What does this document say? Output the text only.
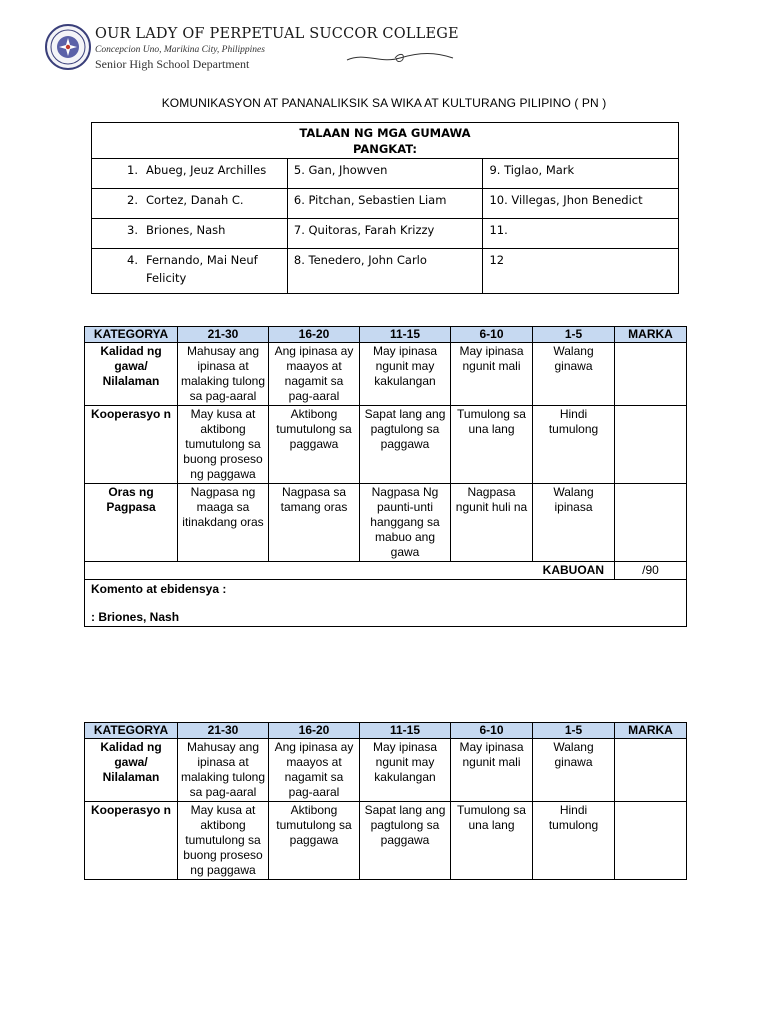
OUR LADY OF PERPETUAL SUCCOR COLLEGE
Concepcion Uno, Marikina City, Philippines
Senior High School Department
KOMUNIKASYON AT PANANALIKSIK SA WIKA AT KULTURANG PILIPINO ( PN )
TALAAN NG MGA GUMAWA
PANGKAT:		

1. Abueg, Jeuz Archilles	5. Gan, Jhowven	9. Tiglao, Mark
2. Cortez, Danah C.	6. Pitchan, Sebastien Liam	10. Villegas, Jhon Benedict
3. Briones, Nash	7. Quitoras, Farah Krizzy	11.
4. Fernando, Mai Neuf Felicity	8. Tenedero, John Carlo	12
KATEGORYA	21-30	16-20	11-15	6-10	1-5	MARKA
Kalidad ng gawa/ Nilalaman	Mahusay ang ipinasa at malaking tulong sa pag-aaral	Ang ipinasa ay maayos at nagamit sa pag-aaral	May ipinasa ngunit may kakulangan	May ipinasa ngunit mali	Walang ginawa	
Kooperasyo n	May kusa at aktibong tumutulong sa buong proseso ng paggawa	Aktibong tumutulong sa paggawa	Sapat lang ang pagtulong sa paggawa	Tumulong sa una lang	Hindi tumulong	
Oras ng Pagpasa	Nagpasa ng maaga sa itinakdang oras	Nagpasa sa tamang oras	Nagpasa Ng paunti-unti hanggang sa mabuo ang gawa	Nagpasa ngunit huli na	Walang ipinasa	
KABUOAN						/90
Komento at ebidensya :
: Briones, Nash						
KATEGORYA	21-30	16-20	11-15	6-10	1-5	MARKA
Kalidad ng gawa/ Nilalaman	Mahusay ang ipinasa at malaking tulong sa pag-aaral	Ang ipinasa ay maayos at nagamit sa pag-aaral	May ipinasa ngunit may kakulangan	May ipinasa ngunit mali	Walang ginawa	
Kooperasyo n	May kusa at aktibong tumutulong sa buong proseso ng paggawa	Aktibong tumutulong sa paggawa	Sapat lang ang pagtulong sa paggawa	Tumulong sa una lang	Hindi tumulong	
